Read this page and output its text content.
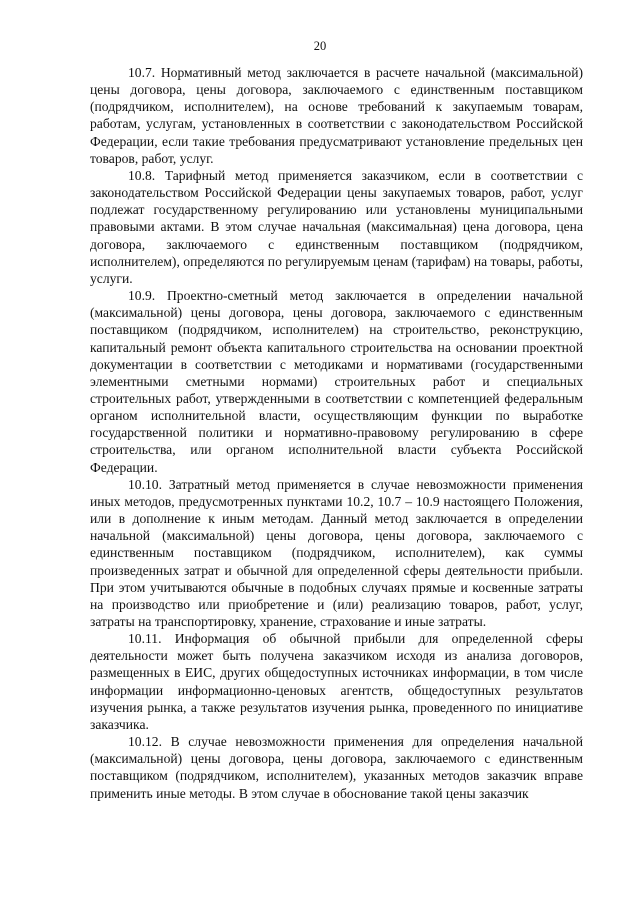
20

10.7. Нормативный метод заключается в расчете начальной (максимальной) цены договора, цены договора, заключаемого с единственным поставщиком (подрядчиком, исполнителем), на основе требований к закупаемым товарам, работам, услугам, установленных в соответствии с законодательством Российской Федерации, если такие требования предусматривают установление предельных цен товаров, работ, услуг.

10.8. Тарифный метод применяется заказчиком, если в соответствии с законодательством Российской Федерации цены закупаемых товаров, работ, услуг подлежат государственному регулированию или установлены муниципальными правовыми актами. В этом случае начальная (максимальная) цена договора, цена договора, заключаемого с единственным поставщиком (подрядчиком, исполнителем), определяются по регулируемым ценам (тарифам) на товары, работы, услуги.

10.9. Проектно-сметный метод заключается в определении начальной (максимальной) цены договора, цены договора, заключаемого с единственным поставщиком (подрядчиком, исполнителем) на строительство, реконструкцию, капитальный ремонт объекта капитального строительства на основании проектной документации в соответствии с методиками и нормативами (государственными элементными сметными нормами) строительных работ и специальных строительных работ, утвержденными в соответствии с компетенцией федеральным органом исполнительной власти, осуществляющим функции по выработке государственной политики и нормативно-правовому регулированию в сфере строительства, или органом исполнительной власти субъекта Российской Федерации.

10.10. Затратный метод применяется в случае невозможности применения иных методов, предусмотренных пунктами 10.2, 10.7 – 10.9 настоящего Положения, или в дополнение к иным методам. Данный метод заключается в определении начальной (максимальной) цены договора, цены договора, заключаемого с единственным поставщиком (подрядчиком, исполнителем), как суммы произведенных затрат и обычной для определенной сферы деятельности прибыли. При этом учитываются обычные в подобных случаях прямые и косвенные затраты на производство или приобретение и (или) реализацию товаров, работ, услуг, затраты на транспортировку, хранение, страхование и иные затраты.

10.11. Информация об обычной прибыли для определенной сферы деятельности может быть получена заказчиком исходя из анализа договоров, размещенных в ЕИС, других общедоступных источниках информации, в том числе информации информационно-ценовых агентств, общедоступных результатов изучения рынка, а также результатов изучения рынка, проведенного по инициативе заказчика.

10.12. В случае невозможности применения для определения начальной (максимальной) цены договора, цены договора, заключаемого с единственным поставщиком (подрядчиком, исполнителем), указанных методов заказчик вправе применить иные методы. В этом случае в обоснование такой цены заказчик
